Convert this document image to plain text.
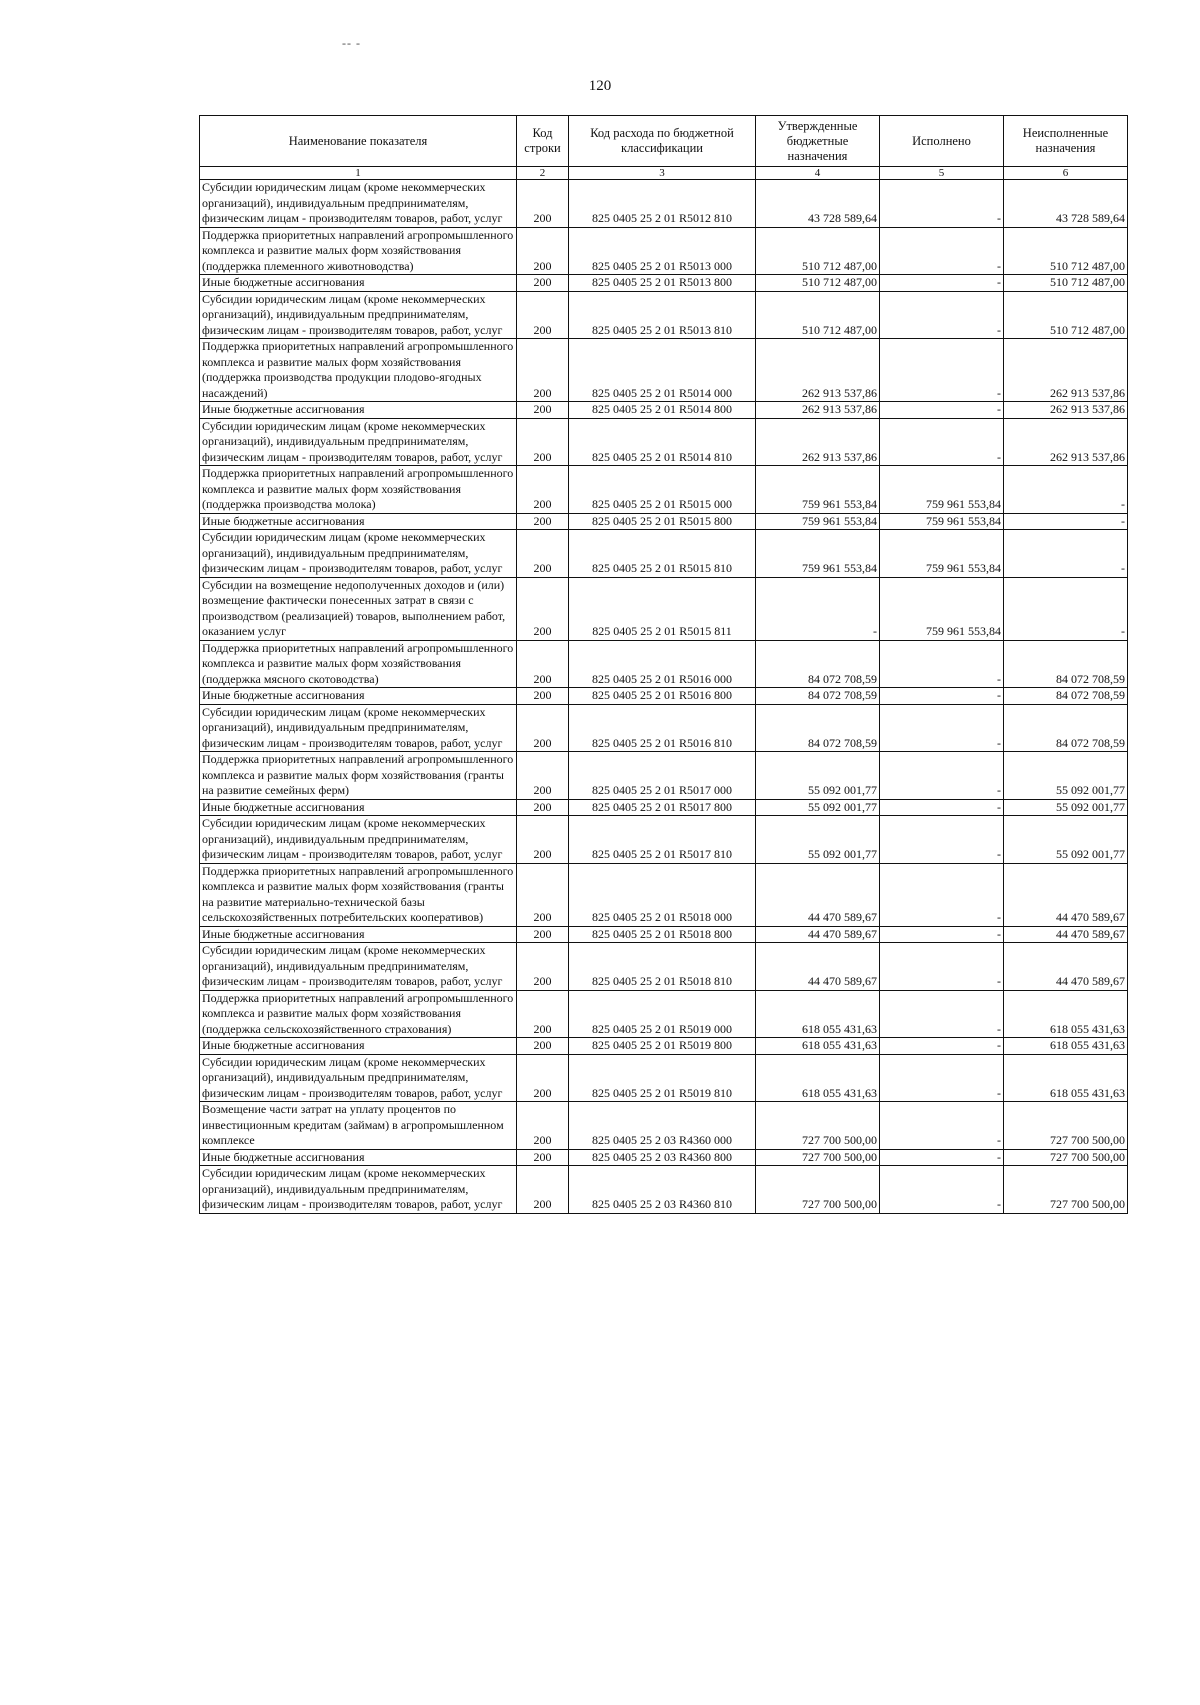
-- -
120
Наименование показателя	Код строки	Код расхода по бюджетной классификации	Утвержденные бюджетные назначения	Исполнено	Неисполненные назначения
1	2	3	4	5	6
Субсидии юридическим лицам (кроме некоммерческих организаций), индивидуальным предпринимателям, физическим лицам - производителям товаров, работ, услуг	200	825 0405 25 2 01 R5012 810	43 728 589,64	-	43 728 589,64
Поддержка приоритетных направлений агропромышленного комплекса и развитие малых форм хозяйствования (поддержка племенного животноводства)	200	825 0405 25 2 01 R5013 000	510 712 487,00	-	510 712 487,00
Иные бюджетные ассигнования	200	825 0405 25 2 01 R5013 800	510 712 487,00	-	510 712 487,00
Субсидии юридическим лицам (кроме некоммерческих организаций), индивидуальным предпринимателям, физическим лицам - производителям товаров, работ, услуг	200	825 0405 25 2 01 R5013 810	510 712 487,00	-	510 712 487,00
Поддержка приоритетных направлений агропромышленного комплекса и развитие малых форм хозяйствования (поддержка производства продукции плодово-ягодных насаждений)	200	825 0405 25 2 01 R5014 000	262 913 537,86	-	262 913 537,86
Иные бюджетные ассигнования	200	825 0405 25 2 01 R5014 800	262 913 537,86	-	262 913 537,86
Субсидии юридическим лицам (кроме некоммерческих организаций), индивидуальным предпринимателям, физическим лицам - производителям товаров, работ, услуг	200	825 0405 25 2 01 R5014 810	262 913 537,86	-	262 913 537,86
Поддержка приоритетных направлений агропромышленного комплекса и развитие малых форм хозяйствования (поддержка производства молока)	200	825 0405 25 2 01 R5015 000	759 961 553,84	759 961 553,84	-
Иные бюджетные ассигнования	200	825 0405 25 2 01 R5015 800	759 961 553,84	759 961 553,84	-
Субсидии юридическим лицам (кроме некоммерческих организаций), индивидуальным предпринимателям, физическим лицам - производителям товаров, работ, услуг	200	825 0405 25 2 01 R5015 810	759 961 553,84	759 961 553,84	-
Субсидии на возмещение недополученных доходов и (или) возмещение фактически понесенных затрат в связи с производством (реализацией) товаров, выполнением работ, оказанием услуг	200	825 0405 25 2 01 R5015 811	-	759 961 553,84	-
Поддержка приоритетных направлений агропромышленного комплекса и развитие малых форм хозяйствования (поддержка мясного скотоводства)	200	825 0405 25 2 01 R5016 000	84 072 708,59	-	84 072 708,59
Иные бюджетные ассигнования	200	825 0405 25 2 01 R5016 800	84 072 708,59	-	84 072 708,59
Субсидии юридическим лицам (кроме некоммерческих организаций), индивидуальным предпринимателям, физическим лицам - производителям товаров, работ, услуг	200	825 0405 25 2 01 R5016 810	84 072 708,59	-	84 072 708,59
Поддержка приоритетных направлений агропромышленного комплекса и развитие малых форм хозяйствования (гранты на развитие семейных ферм)	200	825 0405 25 2 01 R5017 000	55 092 001,77	-	55 092 001,77
Иные бюджетные ассигнования	200	825 0405 25 2 01 R5017 800	55 092 001,77	-	55 092 001,77
Субсидии юридическим лицам (кроме некоммерческих организаций), индивидуальным предпринимателям, физическим лицам - производителям товаров, работ, услуг	200	825 0405 25 2 01 R5017 810	55 092 001,77	-	55 092 001,77
Поддержка приоритетных направлений агропромышленного комплекса и развитие малых форм хозяйствования (гранты на развитие материально-технической базы сельскохозяйственных потребительских кооперативов)	200	825 0405 25 2 01 R5018 000	44 470 589,67	-	44 470 589,67
Иные бюджетные ассигнования	200	825 0405 25 2 01 R5018 800	44 470 589,67	-	44 470 589,67
Субсидии юридическим лицам (кроме некоммерческих организаций), индивидуальным предпринимателям, физическим лицам - производителям товаров, работ, услуг	200	825 0405 25 2 01 R5018 810	44 470 589,67	-	44 470 589,67
Поддержка приоритетных направлений агропромышленного комплекса и развитие малых форм хозяйствования (поддержка сельскохозяйственного страхования)	200	825 0405 25 2 01 R5019 000	618 055 431,63	-	618 055 431,63
Иные бюджетные ассигнования	200	825 0405 25 2 01 R5019 800	618 055 431,63	-	618 055 431,63
Субсидии юридическим лицам (кроме некоммерческих организаций), индивидуальным предпринимателям, физическим лицам - производителям товаров, работ, услуг	200	825 0405 25 2 01 R5019 810	618 055 431,63	-	618 055 431,63
Возмещение части затрат на уплату процентов по инвестиционным кредитам (займам) в агропромышленном комплексе	200	825 0405 25 2 03 R4360 000	727 700 500,00	-	727 700 500,00
Иные бюджетные ассигнования	200	825 0405 25 2 03 R4360 800	727 700 500,00	-	727 700 500,00
Субсидии юридическим лицам (кроме некоммерческих организаций), индивидуальным предпринимателям, физическим лицам - производителям товаров, работ, услуг	200	825 0405 25 2 03 R4360 810	727 700 500,00	-	727 700 500,00
